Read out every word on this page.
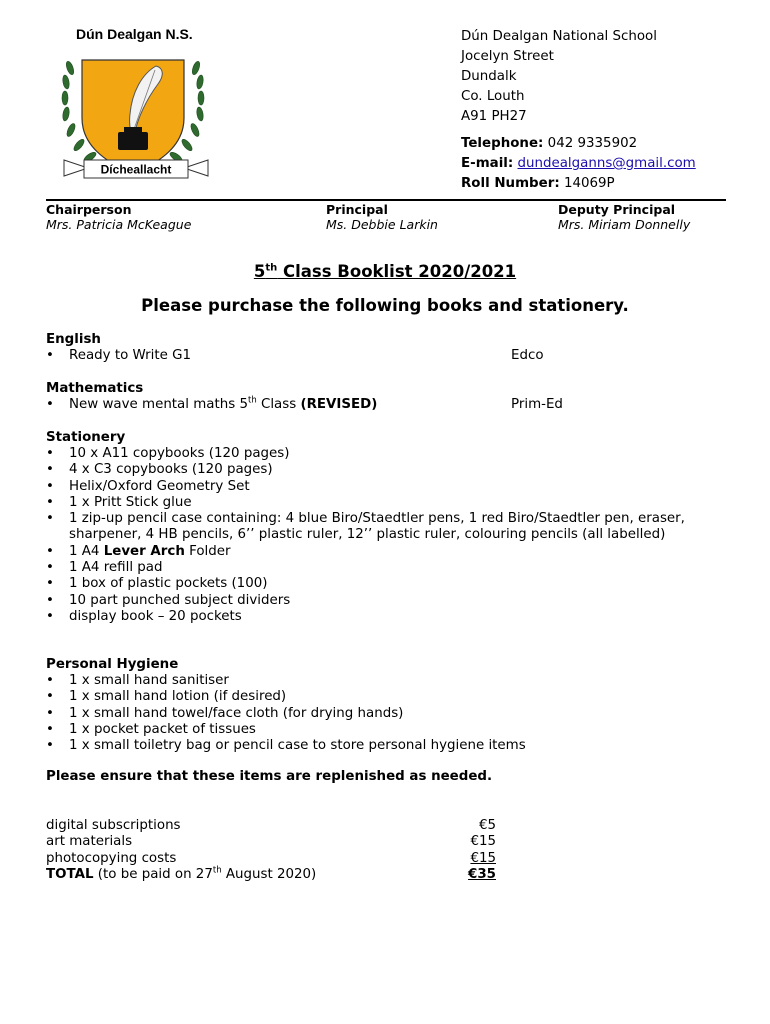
Dún Dealgan N.S.
Dícheallacht
Dún Dealgan National School
Jocelyn Street
Dundalk
Co. Louth
A91 PH27
Telephone: 042 9335902
E-mail: dundealganns@gmail.com
Roll Number: 14069P
Chairperson
Mrs. Patricia McKeague
Principal
Ms. Debbie Larkin
Deputy Principal
Mrs. Miriam Donnelly
5th Class Booklist 2020/2021
Please purchase the following books and stationery.
English
• Ready to Write G1	Edco
Mathematics
• New wave mental maths 5th Class (REVISED)	Prim-Ed
Stationery
• 10 x A11 copybooks (120 pages)
• 4 x C3 copybooks (120 pages)
• Helix/Oxford Geometry Set
• 1 x Pritt Stick glue
• 1 zip-up pencil case containing: 4 blue Biro/Staedtler pens, 1 red Biro/Staedtler pen, eraser, sharpener, 4 HB pencils, 6’’ plastic ruler, 12’’ plastic ruler, colouring pencils (all labelled)
• 1 A4 Lever Arch Folder
• 1 A4 refill pad
• 1 box of plastic pockets (100)
• 10 part punched subject dividers
• display book – 20 pockets
Personal Hygiene
• 1 x small hand sanitiser
• 1 x small hand lotion (if desired)
• 1 x small hand towel/face cloth (for drying hands)
• 1 x pocket packet of tissues
• 1 x small toiletry bag or pencil case to store personal hygiene items
Please ensure that these items are replenished as needed.
digital subscriptions	€5
art materials	€15
photocopying costs	€15
TOTAL (to be paid on 27th August 2020)	€35
